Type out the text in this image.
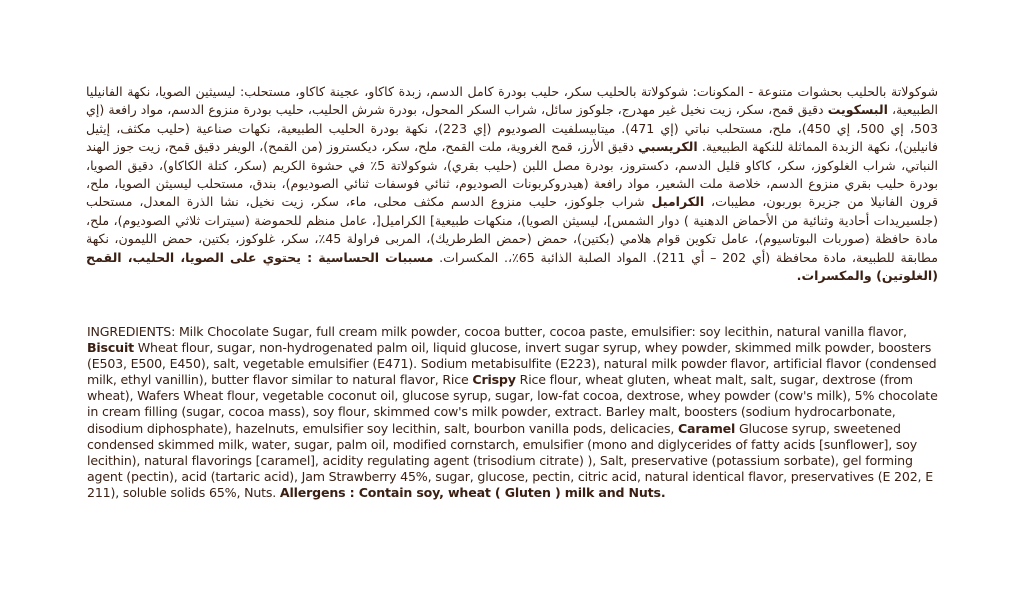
شوكولاتة بالحليب بحشوات متنوعة - المكونات: شوكولاتة بالحليب سكر، حليب بودرة كامل الدسم، زبدة كاكاو، عجينة كاكاو، مستحلب: ليسيثين الصويا، نكهة الفانيليا الطبيعية، البسكويت دقيق قمح، سكر، زيت نخيل غير مهدرج، جلوكوز سائل، شراب السكر المحول، بودرة شرش الحليب، حليب بودرة منزوع الدسم، مواد رافعة (إي 503، إي 500، إي 450)، ملح، مستحلب نباتي (إي 471). ميتابيسلفيت الصوديوم (إي 223)، نكهة بودرة الحليب الطبيعية، نكهات صناعية (حليب مكثف، إيثيل فانيلين)، نكهة الزبدة المماثلة للنكهة الطبيعية. الكريسبي دقيق الأرز، قمح الغروية، ملت القمح، ملح، سكر، ديكستروز (من القمح)، الويفر دقيق قمح، زيت جوز الهند النباتي، شراب الغلوكوز، سكر، كاكاو قليل الدسم، دكستروز، بودرة مصل اللبن (حليب بقري)، شوكولاتة 5٪ في حشوة الكريم (سكر، كتلة الكاكاو)، دقيق الصويا، بودرة حليب بقري منزوع الدسم، خلاصة ملت الشعير، مواد رافعة (هيدروكربونات الصوديوم، ثنائي فوسفات ثنائي الصوديوم)، بندق، مستحلب ليسيثن الصويا، ملح، قرون الفانيلا من جزيرة بوربون، مطيبات، الكراميل شراب جلوكوز، حليب منزوع الدسم مكثف محلى، ماء، سكر، زيت نخيل، نشا الذرة المعدل، مستحلب (جلسيريدات أحادية وثنائية من الأحماض الدهنية ) دوار الشمس]، ليسيثن الصويا)، منكهات طبيعية] الكراميل[، عامل منظم للحموضة (سيترات ثلاثي الصوديوم)، ملح، مادة حافظة (صوربات البوتاسيوم)، عامل تكوين قوام هلامي (بكتين)، حمض (حمض الطرطريك)، المربى فراولة 45٪، سكر، غلوكوز، بكتين، حمض الليمون، نكهة مطابقة للطبيعة، مادة محافظة (أي 202 – أي 211). المواد الصلبة الذائبة 65٪،. المكسرات. مسببات الحساسية : يحتوي على الصويا، الحليب، القمح (الغلوتين) والمكسرات.
INGREDIENTS: Milk Chocolate Sugar, full cream milk powder, cocoa butter, cocoa paste, emulsifier: soy lecithin, natural vanilla flavor, Biscuit Wheat flour, sugar, non-hydrogenated palm oil, liquid glucose, invert sugar syrup, whey powder, skimmed milk powder, boosters (E503, E500, E450), salt, vegetable emulsifier (E471). Sodium metabisulfite (E223), natural milk powder flavor, artificial flavor (condensed milk, ethyl vanillin), butter flavor similar to natural flavor, Rice Crispy Rice flour, wheat gluten, wheat malt, salt, sugar, dextrose (from wheat), Wafers Wheat flour, vegetable coconut oil, glucose syrup, sugar, low-fat cocoa, dextrose, whey powder (cow's milk), 5% chocolate in cream filling (sugar, cocoa mass), soy flour, skimmed cow's milk powder, extract. Barley malt, boosters (sodium hydrocarbonate, disodium diphosphate), hazelnuts, emulsifier soy lecithin, salt, bourbon vanilla pods, delicacies, Caramel Glucose syrup, sweetened condensed skimmed milk, water, sugar, palm oil, modified cornstarch, emulsifier (mono and diglycerides of fatty acids [sunflower], soy lecithin), natural flavorings [caramel], acidity regulating agent (trisodium citrate) ), Salt, preservative (potassium sorbate), gel forming agent (pectin), acid (tartaric acid), Jam Strawberry 45%, sugar, glucose, pectin, citric acid, natural identical flavor, preservatives (E 202, E 211), soluble solids 65%, Nuts. Allergens : Contain soy, wheat ( Gluten ) milk and Nuts.
